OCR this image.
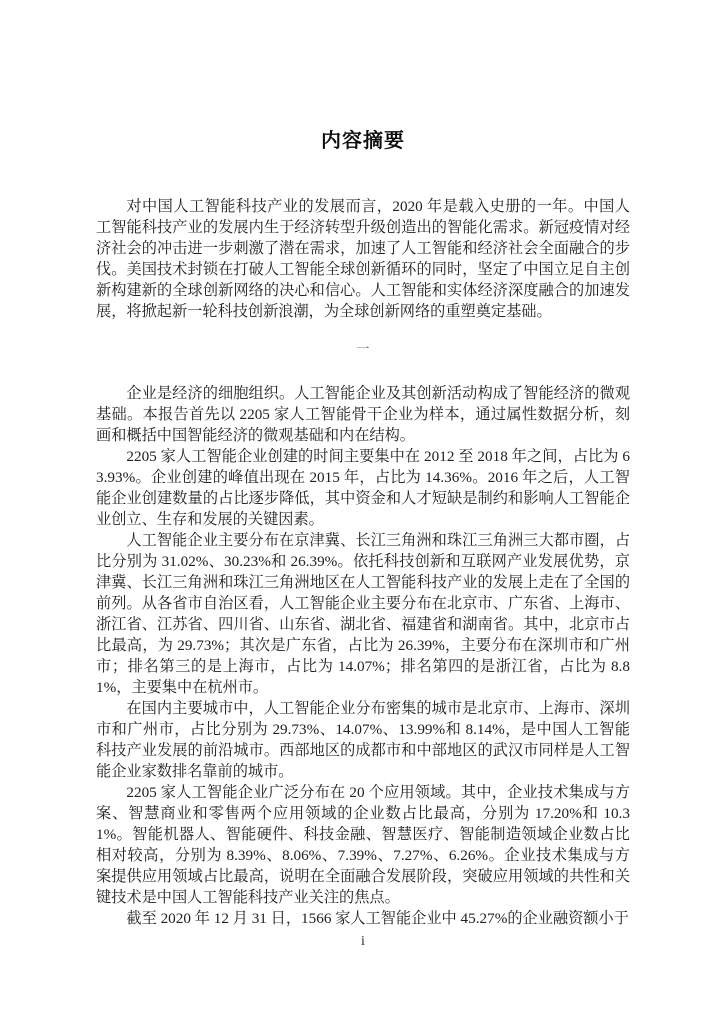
内容摘要

对中国人工智能科技产业的发展而言，2020 年是载入史册的一年。中国人工智能科技产业的发展内生于经济转型升级创造出的智能化需求。新冠疫情对经济社会的冲击进一步刺激了潜在需求，加速了人工智能和经济社会全面融合的步伐。美国技术封锁在打破人工智能全球创新循环的同时，坚定了中国立足自主创新构建新的全球创新网络的决心和信心。人工智能和实体经济深度融合的加速发展，将掀起新一轮科技创新浪潮，为全球创新网络的重塑奠定基础。

一

企业是经济的细胞组织。人工智能企业及其创新活动构成了智能经济的微观基础。本报告首先以 2205 家人工智能骨干企业为样本，通过属性数据分析，刻画和概括中国智能经济的微观基础和内在结构。

2205 家人工智能企业创建的时间主要集中在 2012 至 2018 年之间，占比为 63.93%。企业创建的峰值出现在 2015 年，占比为 14.36%。2016 年之后，人工智能企业创建数量的占比逐步降低，其中资金和人才短缺是制约和影响人工智能企业创立、生存和发展的关键因素。

人工智能企业主要分布在京津冀、长江三角洲和珠江三角洲三大都市圈，占比分别为 31.02%、30.23%和 26.39%。依托科技创新和互联网产业发展优势，京津冀、长江三角洲和珠江三角洲地区在人工智能科技产业的发展上走在了全国的前列。从各省市自治区看，人工智能企业主要分布在北京市、广东省、上海市、浙江省、江苏省、四川省、山东省、湖北省、福建省和湖南省。其中，北京市占比最高，为 29.73%；其次是广东省，占比为 26.39%，主要分布在深圳市和广州市；排名第三的是上海市，占比为 14.07%；排名第四的是浙江省，占比为 8.81%，主要集中在杭州市。

在国内主要城市中，人工智能企业分布密集的城市是北京市、上海市、深圳市和广州市，占比分别为 29.73%、14.07%、13.99%和 8.14%，是中国人工智能科技产业发展的前沿城市。西部地区的成都市和中部地区的武汉市同样是人工智能企业家数排名靠前的城市。

2205 家人工智能企业广泛分布在 20 个应用领域。其中，企业技术集成与方案、智慧商业和零售两个应用领域的企业数占比最高，分别为 17.20%和 10.31%。智能机器人、智能硬件、科技金融、智慧医疗、智能制造领域企业数占比相对较高，分别为 8.39%、8.06%、7.39%、7.27%、6.26%。企业技术集成与方案提供应用领域占比最高，说明在全面融合发展阶段，突破应用领域的共性和关键技术是中国人工智能科技产业关注的焦点。

截至 2020 年 12 月 31 日，1566 家人工智能企业中 45.27%的企业融资额小于

i
